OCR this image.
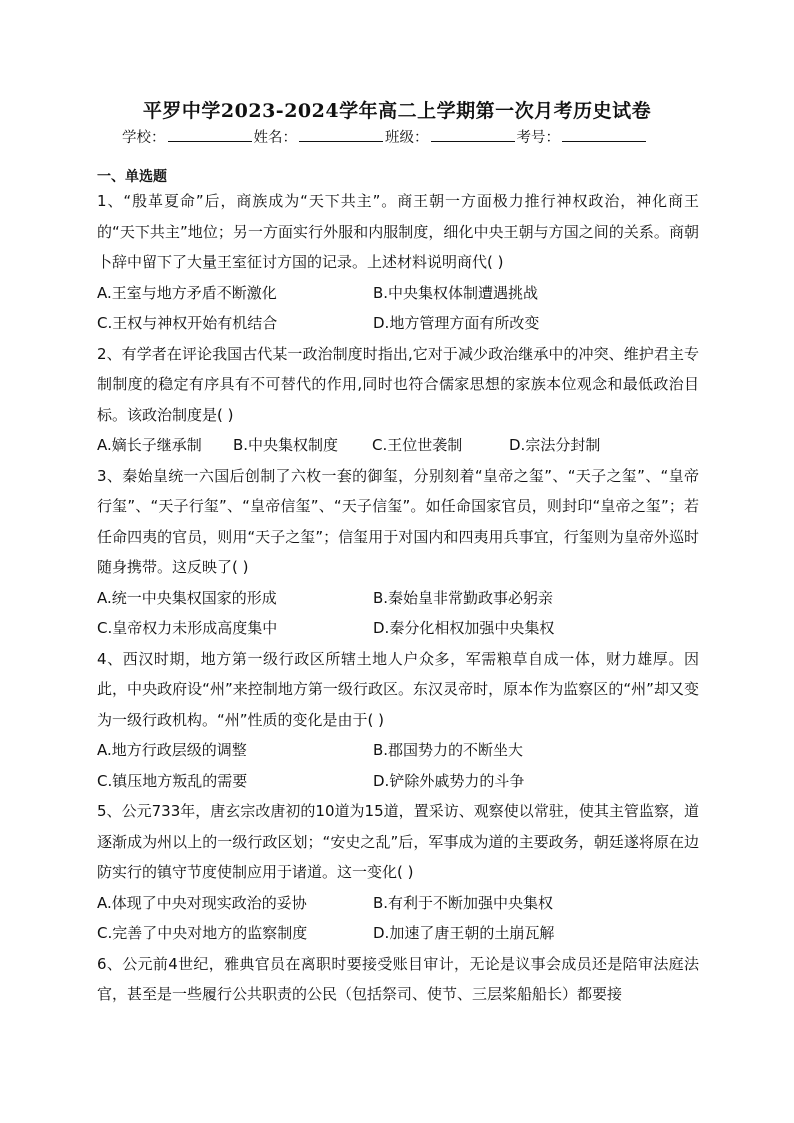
平罗中学2023-2024学年高二上学期第一次月考历史试卷
学校：	姓名：	班级：	考号：
一、单选题

1、“殷革夏命”后，商族成为“天下共主”。商王朝一方面极力推行神权政治，神化商王的“天下共主”地位；另一方面实行外服和内服制度，细化中央王朝与方国之间的关系。商朝卜辞中留下了大量王室征讨方国的记录。上述材料说明商代( )

A.王室与地方矛盾不断激化	B.中央集权体制遭遇挑战
C.王权与神权开始有机结合	D.地方管理方面有所改变

2、有学者在评论我国古代某一政治制度时指出,它对于减少政治继承中的冲突、维护君主专制制度的稳定有序具有不可替代的作用,同时也符合儒家思想的家族本位观念和最低政治目标。该政治制度是( )

A.嫡长子继承制	B.中央集权制度	C.王位世袭制	D.宗法分封制

3、秦始皇统一六国后创制了六枚一套的御玺，分别刻着“皇帝之玺”、“天子之玺”、“皇帝行玺”、“天子行玺”、“皇帝信玺”、“天子信玺”。如任命国家官员，则封印“皇帝之玺”；若任命四夷的官员，则用“天子之玺”；信玺用于对国内和四夷用兵事宜，行玺则为皇帝外巡时随身携带。这反映了( )

A.统一中央集权国家的形成	B.秦始皇非常勤政事必躬亲
C.皇帝权力未形成高度集中	D.秦分化相权加强中央集权

4、西汉时期，地方第一级行政区所辖土地人户众多，军需粮草自成一体，财力雄厚。因此，中央政府设“州”来控制地方第一级行政区。东汉灵帝时，原本作为监察区的“州”却又变为一级行政机构。“州”性质的变化是由于( )

A.地方行政层级的调整	B.郡国势力的不断坐大
C.镇压地方叛乱的需要	D.铲除外戚势力的斗争

5、公元733年，唐玄宗改唐初的10道为15道，置采访、观察使以常驻，使其主管监察，道逐渐成为州以上的一级行政区划；“安史之乱”后，军事成为道的主要政务，朝廷遂将原在边防实行的镇守节度使制应用于诸道。这一变化( )

A.体现了中央对现实政治的妥协	B.有利于不断加强中央集权
C.完善了中央对地方的监察制度	D.加速了唐王朝的土崩瓦解

6、公元前4世纪，雅典官员在离职时要接受账目审计，无论是议事会成员还是陪审法庭法官，甚至是一些履行公共职责的公民（包括祭司、使节、三层桨船船长）都要接
